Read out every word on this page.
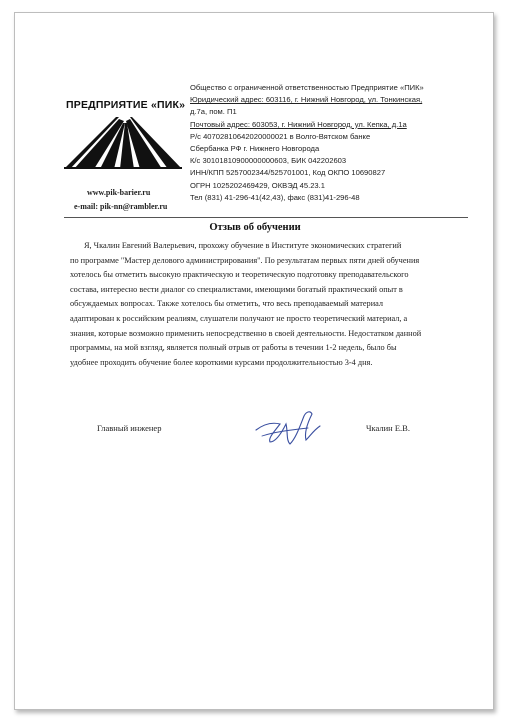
ПРЕДПРИЯТИЕ «ПИК»
www.pik-barier.ru
e-mail: pik-nn@rambler.ru
Общество с ограниченной ответственностью Предприятие «ПИК»
Юридический адрес: 603116, г. Нижний Новгород, ул. Тонкинская,
д.7а, пом. П1
Почтовый адрес: 603053, г. Нижний Новгород, ул. Кепка, д.1а
Р/с 40702810642020000021 в Волго-Вятском банке
Сбербанка РФ г. Нижнего Новгорода
К/с 30101810900000000603, БИК 042202603
ИНН/КПП 5257002344/525701001, Код ОКПО 10690827
ОГРН 1025202469429, ОКВЭД 45.23.1
Тел (831) 41-296-41(42,43), факс (831)41-296-48
Отзыв об обучении
Я, Чкалин Евгений Валерьевич, прохожу обучение в Институте экономических стратегий
по программе "Мастер делового администрирования". По результатам первых пяти дней обучения
хотелось бы отметить высокую практическую и теоретическую подготовку преподавательского
состава, интересно вести диалог со специалистами, имеющими богатый практический опыт в
обсуждаемых вопросах. Также хотелось бы отметить, что весь преподаваемый материал
адаптирован к российским реалиям, слушатели получают не просто теоретический материал, а
знания, которые возможно применить непосредственно в своей деятельности. Недостатком данной
программы, на мой взгляд, является полный отрыв от работы в течении 1-2 недель, было бы
удобнее проходить обучение более короткими курсами продолжительностью 3-4 дня.
Главный инженер	Чкалин Е.В.
